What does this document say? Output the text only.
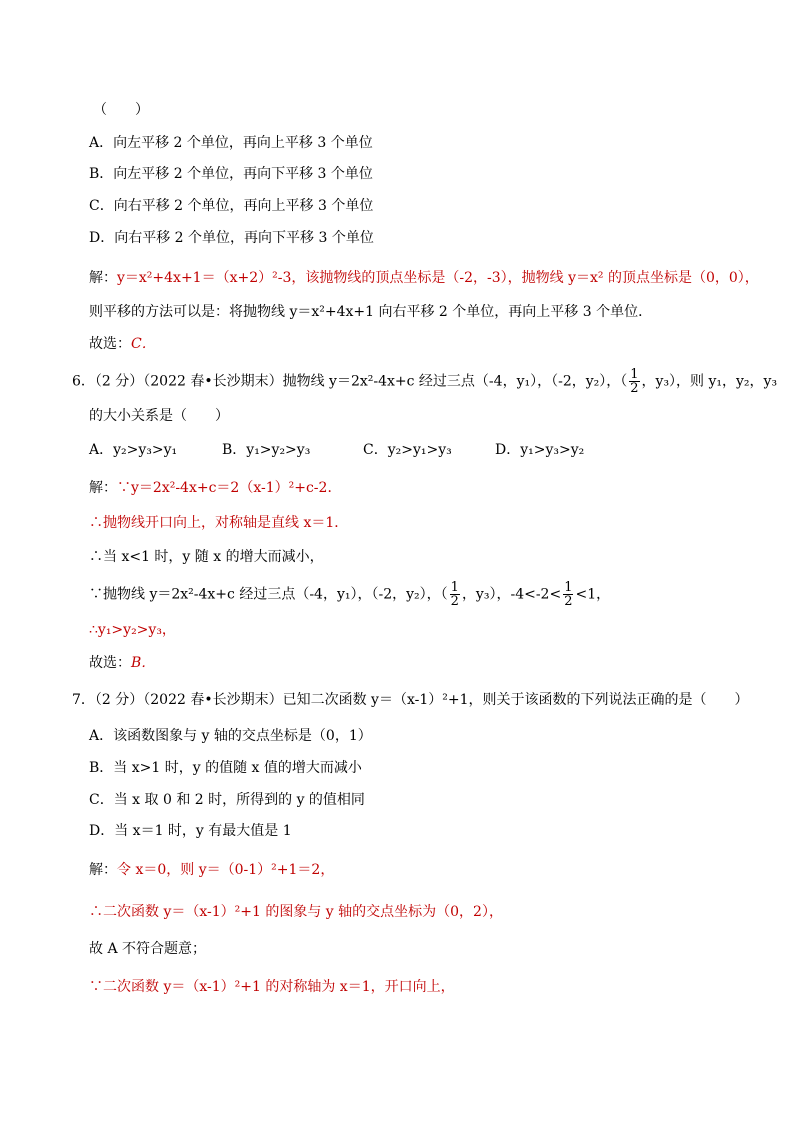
（　　）
A．向左平移 2 个单位，再向上平移 3 个单位
B．向左平移 2 个单位，再向下平移 3 个单位
C．向右平移 2 个单位，再向上平移 3 个单位
D．向右平移 2 个单位，再向下平移 3 个单位
解：y＝x²+4x+1＝（x+2）²-3，该抛物线的顶点坐标是（-2，-3），抛物线 y＝x² 的顶点坐标是（0，0），
则平移的方法可以是：将抛物线 y＝x²+4x+1 向右平移 2 个单位，再向上平移 3 个单位．
故选：C．
6．（2 分）（2022 春•长沙期末）抛物线 y＝2x²-4x+c 经过三点（-4，y₁），（-2，y₂），（ $\frac{1}{2}$ ，y₃），则 y₁，y₂，y₃
的大小关系是（　　）
A．y₂>y₃>y₁	B．y₁>y₂>y₃	C．y₂>y₁>y₃	D．y₁>y₃>y₂
解：∵y＝2x²-4x+c＝2（x-1）²+c-2．
∴抛物线开口向上，对称轴是直线 x＝1．
∴当 x<1 时，y 随 x 的增大而减小，
∵抛物线 y＝2x²-4x+c 经过三点（-4，y₁），（-2，y₂），（ $\frac{1}{2}$ ，y₃），$-4<-2< \frac{1}{2} <1$，
∴y₁>y₂>y₃，
故选：B．
7．（2 分）（2022 春•长沙期末）已知二次函数 y＝（x-1）²+1，则关于该函数的下列说法正确的是（　　）
A．该函数图象与 y 轴的交点坐标是（0，1）
B．当 x>1 时，y 的值随 x 值的增大而减小
C．当 x 取 0 和 2 时，所得到的 y 的值相同
D．当 x＝1 时，y 有最大值是 1
解：令 x＝0，则 y＝（0-1）²+1＝2，
∴二次函数 y＝（x-1）²+1 的图象与 y 轴的交点坐标为（0，2），
故 A 不符合题意；
∵二次函数 y＝（x-1）²+1 的对称轴为 x＝1，开口向上，
